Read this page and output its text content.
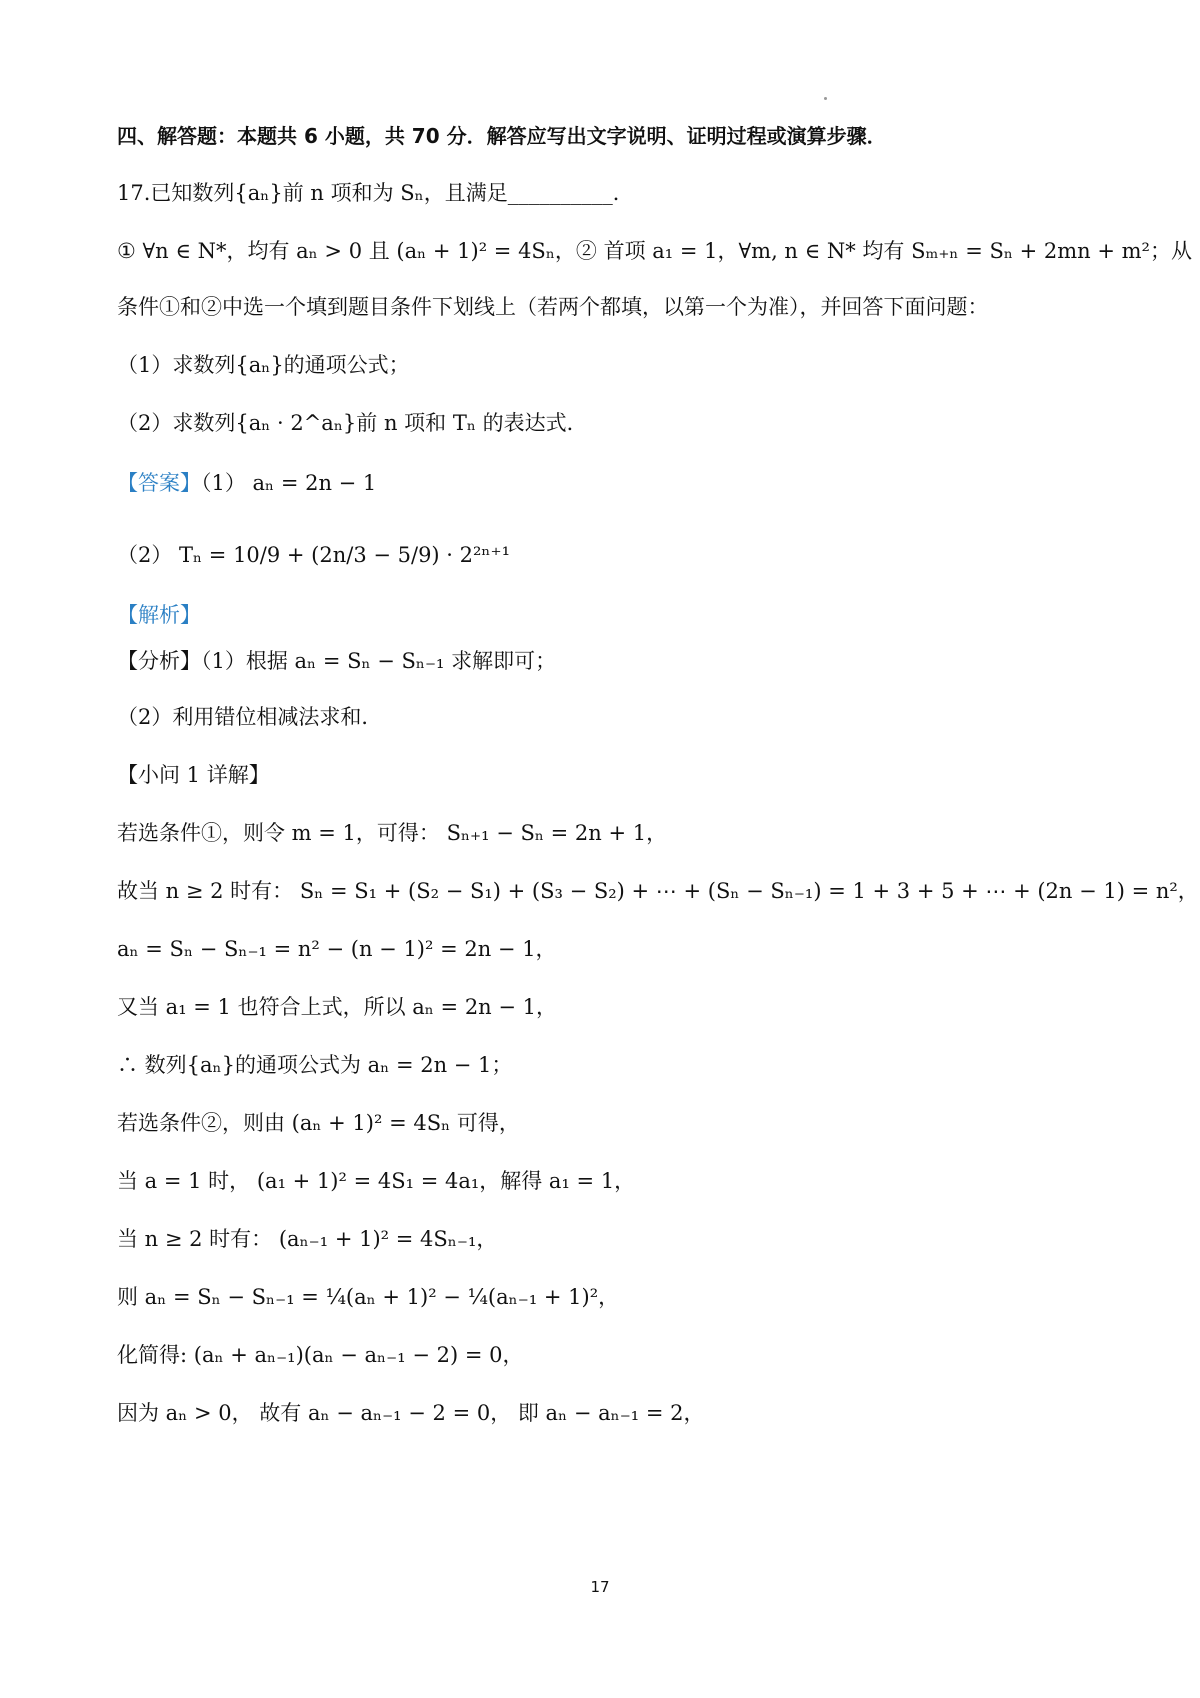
四、解答题：本题共 6 小题，共 70 分．解答应写出文字说明、证明过程或演算步骤．
17.已知数列{aₙ}前 n 项和为 Sₙ，且满足__________．
① ∀n ∈ N*，均有 aₙ > 0 且 (aₙ + 1)² = 4Sₙ，② 首项 a₁ = 1，∀m, n ∈ N* 均有 Sₘ₊ₙ = Sₙ + 2mn + m²；从
条件①和②中选一个填到题目条件下划线上（若两个都填，以第一个为准），并回答下面问题：
（1）求数列{aₙ}的通项公式；
（2）求数列{aₙ · 2^aₙ}前 n 项和 Tₙ 的表达式．
【答案】（1） aₙ = 2n − 1
（2） Tₙ = 10/9 + (2n/3 − 5/9) · 2²ⁿ⁺¹
【解析】
【分析】（1）根据 aₙ = Sₙ − Sₙ₋₁ 求解即可；
（2）利用错位相减法求和．
【小问 1 详解】
若选条件①，则令 m = 1，可得： Sₙ₊₁ − Sₙ = 2n + 1，
故当 n ≥ 2 时有： Sₙ = S₁ + (S₂ − S₁) + (S₃ − S₂) + ⋯ + (Sₙ − Sₙ₋₁) = 1 + 3 + 5 + ⋯ + (2n − 1) = n²，
aₙ = Sₙ − Sₙ₋₁ = n² − (n − 1)² = 2n − 1，
又当 a₁ = 1 也符合上式，所以 aₙ = 2n − 1，
∴ 数列{aₙ}的通项公式为 aₙ = 2n − 1；
若选条件②，则由 (aₙ + 1)² = 4Sₙ 可得，
当 a = 1 时， (a₁ + 1)² = 4S₁ = 4a₁，解得 a₁ = 1，
当 n ≥ 2 时有： (aₙ₋₁ + 1)² = 4Sₙ₋₁，
则 aₙ = Sₙ − Sₙ₋₁ = ¼(aₙ + 1)² − ¼(aₙ₋₁ + 1)²，
化简得: (aₙ + aₙ₋₁)(aₙ − aₙ₋₁ − 2) = 0，
因为 aₙ > 0， 故有 aₙ − aₙ₋₁ − 2 = 0， 即 aₙ − aₙ₋₁ = 2，
17
